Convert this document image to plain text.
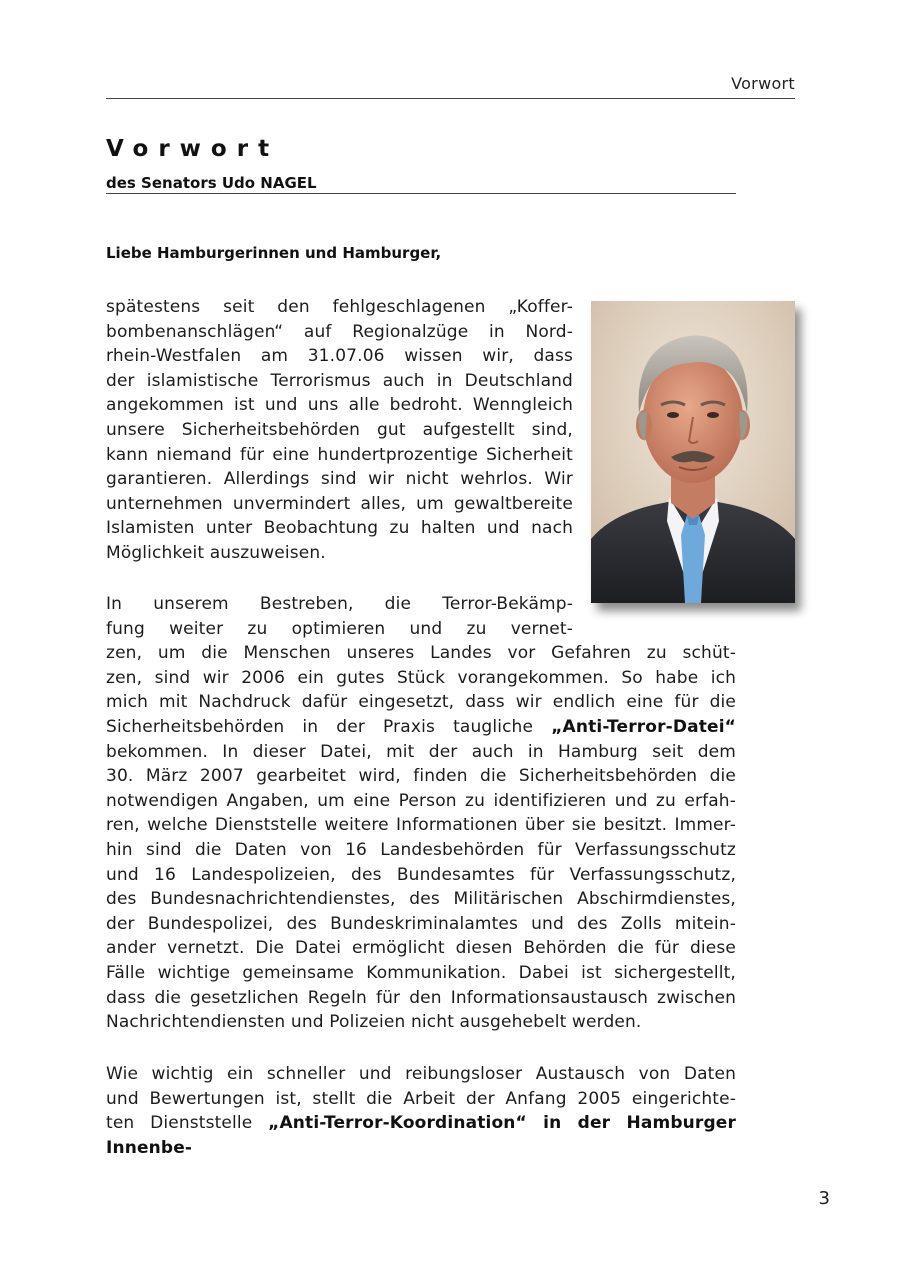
Vorwort
Vorwort
des Senators Udo NAGEL
Liebe Hamburgerinnen und Hamburger,
spätestens seit den fehlgeschlagenen „Koffer-
bombenanschlägen“ auf Regionalzüge in Nord-
rhein-Westfalen am 31.07.06 wissen wir, dass
der islamistische Terrorismus auch in Deutschland
angekommen ist und uns alle bedroht. Wenngleich
unsere Sicherheitsbehörden gut aufgestellt sind,
kann niemand für eine hundertprozentige Sicherheit
garantieren. Allerdings sind wir nicht wehrlos. Wir
unternehmen unvermindert alles, um gewaltbereite
Islamisten unter Beobachtung zu halten und nach
Möglichkeit auszuweisen.
In unserem Bestreben, die Terror-Bekämp-
fung weiter zu optimieren und zu vernet-
zen, um die Menschen unseres Landes vor Gefahren zu schüt-
zen, sind wir 2006 ein gutes Stück vorangekommen. So habe ich
mich mit Nachdruck dafür eingesetzt, dass wir endlich eine für die
Sicherheitsbehörden in der Praxis taugliche „Anti-Terror-Datei“
bekommen. In dieser Datei, mit der auch in Hamburg seit dem
30. März 2007 gearbeitet wird, finden die Sicherheitsbehörden die
notwendigen Angaben, um eine Person zu identifizieren und zu erfah-
ren, welche Dienststelle weitere Informationen über sie besitzt. Immer-
hin sind die Daten von 16 Landesbehörden für Verfassungsschutz
und 16 Landespolizeien, des Bundesamtes für Verfassungsschutz,
des Bundesnachrichtendienstes, des Militärischen Abschirmdienstes,
der Bundespolizei, des Bundeskriminalamtes und des Zolls mitein-
ander vernetzt. Die Datei ermöglicht diesen Behörden die für diese
Fälle wichtige gemeinsame Kommunikation. Dabei ist sichergestellt,
dass die gesetzlichen Regeln für den Informationsaustausch zwischen
Nachrichtendiensten und Polizeien nicht ausgehebelt werden.
Wie wichtig ein schneller und reibungsloser Austausch von Daten
und Bewertungen ist, stellt die Arbeit der Anfang 2005 eingerichte-
ten Dienststelle „Anti-Terror-Koordination“ in der Hamburger Innenbe-
3
